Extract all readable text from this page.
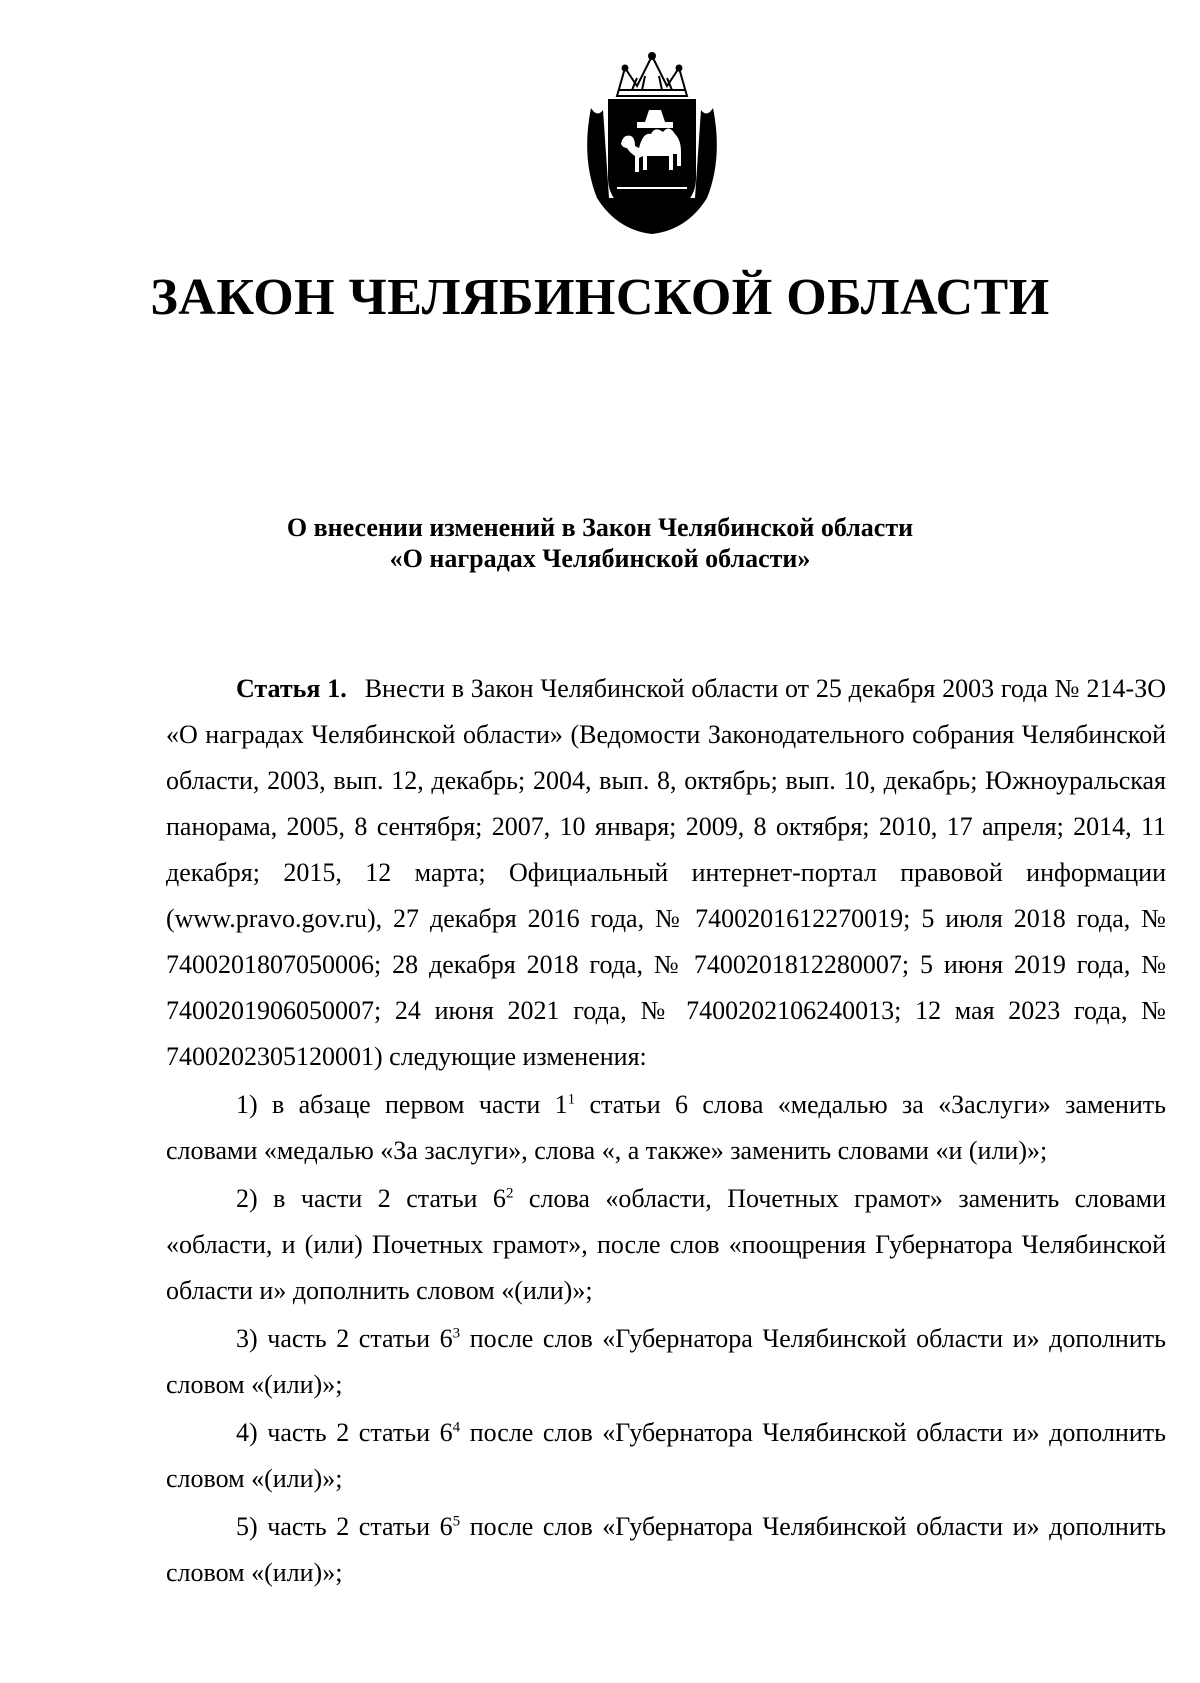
ЗАКОН ЧЕЛЯБИНСКОЙ ОБЛАСТИ
О внесении изменений в Закон Челябинской области
«О наградах Челябинской области»

Статья 1. Внести в Закон Челябинской области от 25 декабря 2003 года № 214-ЗО «О наградах Челябинской области» (Ведомости Законодательного собрания Челябинской области, 2003, вып. 12, декабрь; 2004, вып. 8, октябрь; вып. 10, декабрь; Южноуральская панорама, 2005, 8 сентября; 2007, 10 января; 2009, 8 октября; 2010, 17 апреля; 2014, 11 декабря; 2015, 12 марта; Официальный интернет-портал правовой информации (www.pravo.gov.ru), 27 декабря 2016 года, № 7400201612270019; 5 июля 2018 года, № 7400201807050006; 28 декабря 2018 года, № 7400201812280007; 5 июня 2019 года, № 7400201906050007; 24 июня 2021 года, № 7400202106240013; 12 мая 2023 года, № 7400202305120001) следующие изменения:

1) в абзаце первом части $1^1$ статьи 6 слова «медалью за «Заслуги» заменить словами «медалью «За заслуги», слова «, а также» заменить словами «и (или)»;

2) в части 2 статьи $6^2$ слова «области, Почетных грамот» заменить словами «области, и (или) Почетных грамот», после слов «поощрения Губернатора Челябинской области и» дополнить словом «(или)»;

3) часть 2 статьи $6^3$ после слов «Губернатора Челябинской области и» дополнить словом «(или)»;

4) часть 2 статьи $6^4$ после слов «Губернатора Челябинской области и» дополнить словом «(или)»;

5) часть 2 статьи $6^5$ после слов «Губернатора Челябинской области и» дополнить словом «(или)»;
